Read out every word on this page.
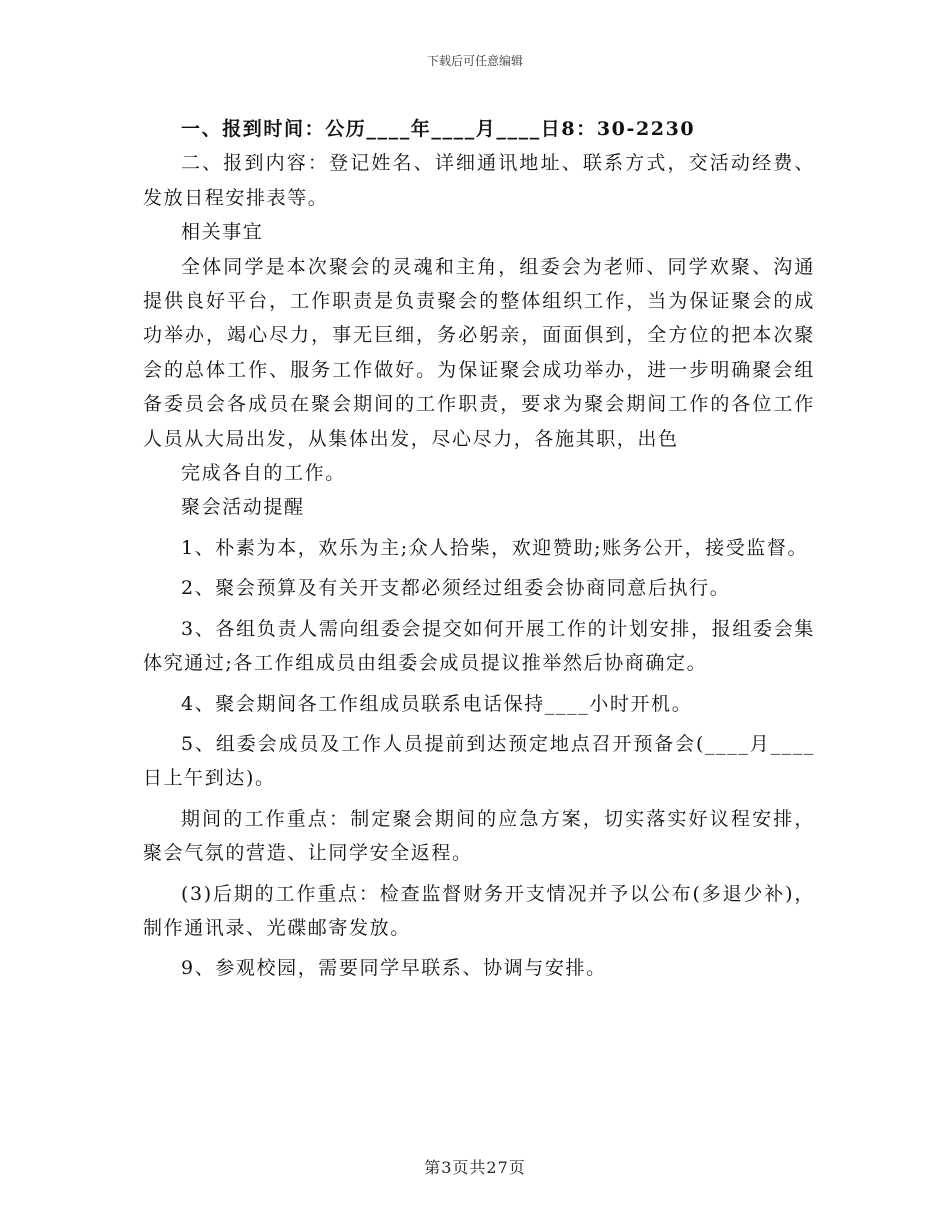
下载后可任意编辑

一、报到时间：公历____年____月____日8：30-2230

二、报到内容：登记姓名、详细通讯地址、联系方式，交活动经费、发放日程安排表等。

相关事宜

全体同学是本次聚会的灵魂和主角，组委会为老师、同学欢聚、沟通提供良好平台，工作职责是负责聚会的整体组织工作，当为保证聚会的成功举办，竭心尽力，事无巨细，务必躬亲，面面俱到，全方位的把本次聚会的总体工作、服务工作做好。为保证聚会成功举办，进一步明确聚会组备委员会各成员在聚会期间的工作职责，要求为聚会期间工作的各位工作人员从大局出发，从集体出发，尽心尽力，各施其职，出色

完成各自的工作。

聚会活动提醒

1、朴素为本，欢乐为主;众人拾柴，欢迎赞助;账务公开，接受监督。

2、聚会预算及有关开支都必须经过组委会协商同意后执行。

3、各组负责人需向组委会提交如何开展工作的计划安排，报组委会集体究通过;各工作组成员由组委会成员提议推举然后协商确定。

4、聚会期间各工作组成员联系电话保持____小时开机。

5、组委会成员及工作人员提前到达预定地点召开预备会(____月____日上午到达)。

期间的工作重点：制定聚会期间的应急方案，切实落实好议程安排，聚会气氛的营造、让同学安全返程。

(3)后期的工作重点：检查监督财务开支情况并予以公布(多退少补)，制作通讯录、光碟邮寄发放。

9、参观校园，需要同学早联系、协调与安排。

第3页共27页
